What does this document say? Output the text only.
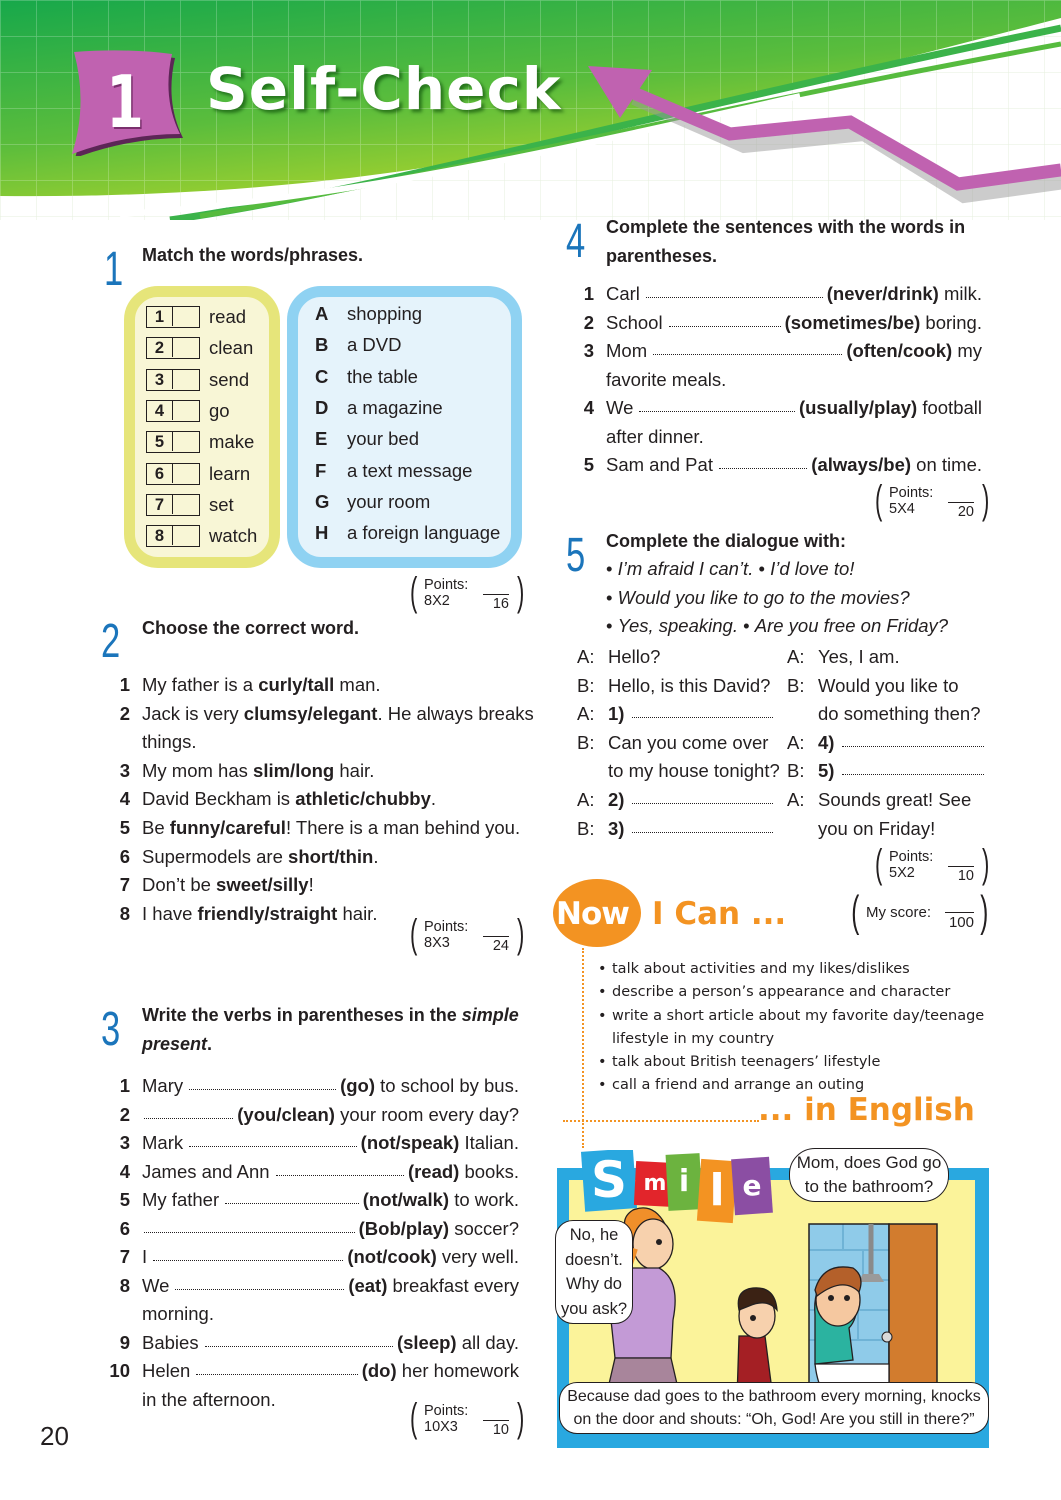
1	Self-Check
1 Match the words/phrases.
1	read
2	clean
3	send
4	go
5	make
6	learn
7	set
8	watch
A shopping
B a DVD
C the table
D a magazine
E your bed
F a text message
G your room
H a foreign language
( Points:
8X2	16 )
2 Choose the correct word.
1 My father is a curly/tall man.
2 Jack is very clumsy/elegant. He always breaks
things.
3 My mom has slim/long hair.
4 David Beckham is athletic/chubby.
5 Be funny/careful! There is a man behind you.
6 Supermodels are short/thin.
7 Don’t be sweet/silly!
8 I have friendly/straight hair. ( Points:
8X3	24 )
3 Write the verbs in parentheses in the simple
present.
1 Mary	(go) to school by bus.
2	(you/clean) your room every day?
3 Mark	(not/speak) Italian.
4 James and Ann	(read) books.
5 My father	(not/walk) to work.
6	(Bob/play) soccer?
7 I	(not/cook) very well.
8 We	(eat) breakfast every
morning.
9 Babies	(sleep) all day.
10 Helen	(do) her homework
in the afternoon.	( Points:
10X3	10 )
20
4 Complete the sentences with the words in
parentheses.
1 Carl	(never/drink) milk.
2 School	(sometimes/be) boring.
3 Mom	(often/cook) my
favorite meals.
4 We	(usually/play) football
after dinner.
5 Sam and Pat	(always/be) on time.
( Points:
5X4	20 )
5 Complete the dialogue with:
• I’m afraid I can’t. • I’d love to!
• Would you like to go to the movies?
• Yes, speaking. • Are you free on Friday?
A: Hello?
B: Hello, is this David?
A: 1)
B: Can you come over
to my house tonight?
A: 2)
B: 3)
A: Yes, I am.
B: Would you like to
do something then?
A: 4)
B: 5)
A: Sounds great! See
you on Friday!
( Points:
5X2	10 )
( My score:
100 )
Now I Can ...
• talk about activities and my likes/dislikes
• describe a person’s appearance and character
• write a short article about my favorite day/teenage
lifestyle in my country
• talk about British teenagers’ lifestyle
• call a friend and arrange an outing
... in English
S m i l e
Mom, does God go
to the bathroom?
No, he
doesn’t.
Why do
you ask?
Because dad goes to the bathroom every morning, knocks
on the door and shouts: “Oh, God! Are you still in there?”
